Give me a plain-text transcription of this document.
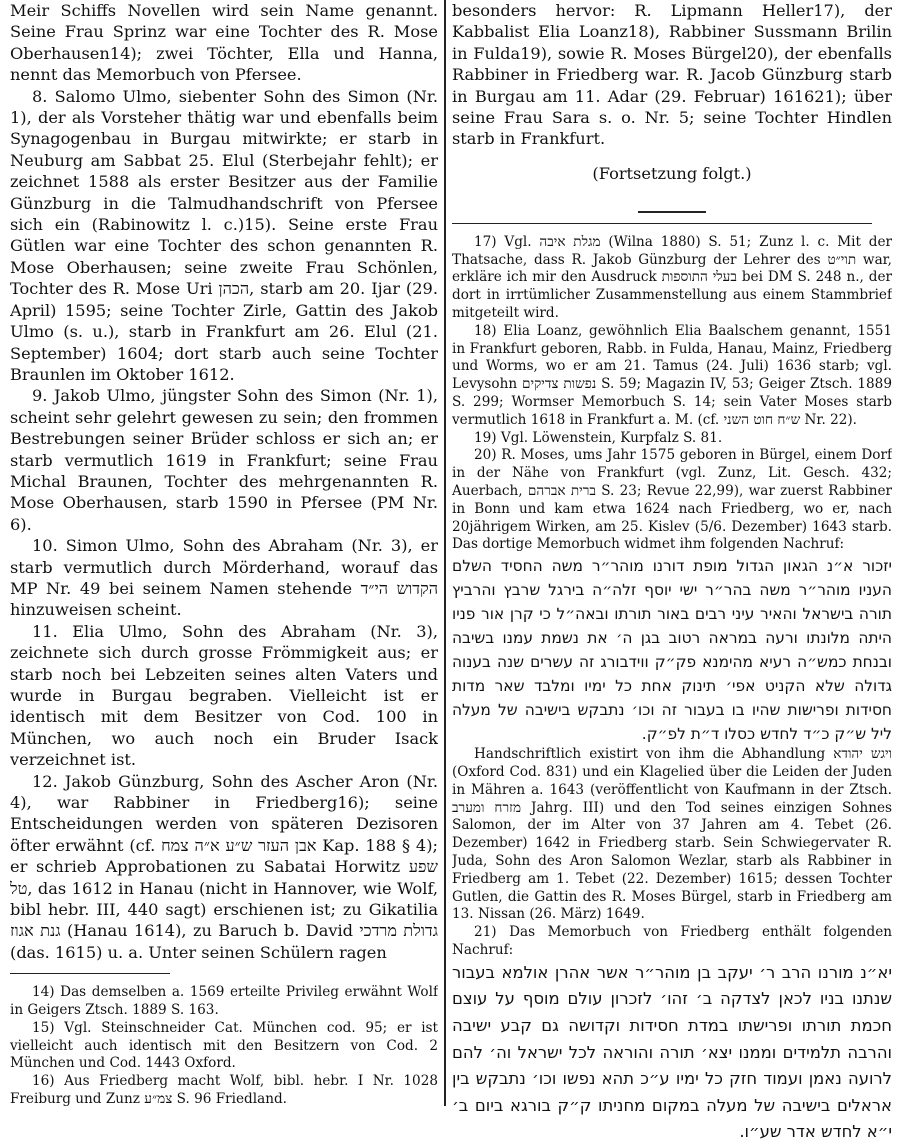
Meir Schiffs Novellen wird sein Name genannt. Seine Frau Sprinz war eine Tochter des R. Mose Oberhausen14); zwei Töchter, Ella und Hanna, nennt das Memorbuch von Pfersee.

8. Salomo Ulmo, siebenter Sohn des Simon (Nr. 1), der als Vorsteher thätig war und ebenfalls beim Synagogenbau in Burgau mitwirkte; er starb in Neuburg am Sabbat 25. Elul (Sterbejahr fehlt); er zeichnet 1588 als erster Besitzer aus der Familie Günzburg in die Talmudhandschrift von Pfersee sich ein (Rabinowitz l. c.)15). Seine erste Frau Gütlen war eine Tochter des schon genannten R. Mose Oberhausen; seine zweite Frau Schönlen, Tochter des R. Mose Uri הכהן, starb am 20. Ijar (29. April) 1595; seine Tochter Zirle, Gattin des Jakob Ulmo (s. u.), starb in Frankfurt am 26. Elul (21. September) 1604; dort starb auch seine Tochter Braunlen im Oktober 1612.

9. Jakob Ulmo, jüngster Sohn des Simon (Nr. 1), scheint sehr gelehrt gewesen zu sein; den frommen Bestrebungen seiner Brüder schloss er sich an; er starb vermutlich 1619 in Frankfurt; seine Frau Michal Braunen, Tochter des mehrgenannten R. Mose Oberhausen, starb 1590 in Pfersee (PM Nr. 6).

10. Simon Ulmo, Sohn des Abraham (Nr. 3), er starb vermutlich durch Mörderhand, worauf das MP Nr. 49 bei seinem Namen stehende הקדוש הי״ד hinzuweisen scheint.

11. Elia Ulmo, Sohn des Abraham (Nr. 3), zeichnete sich durch grosse Frömmigkeit aus; er starb noch bei Lebzeiten seines alten Vaters und wurde in Burgau begraben. Vielleicht ist er identisch mit dem Besitzer von Cod. 100 in München, wo auch noch ein Bruder Isack verzeichnet ist.

12. Jakob Günzburg, Sohn des Ascher Aron (Nr. 4), war Rabbiner in Friedberg16); seine Entscheidungen werden von späteren Dezisoren öfter erwähnt (cf. אבן העזר ש״ע א״ה צמח Kap. 188 § 4); er schrieb Approbationen zu Sabatai Horwitz שפע טל, das 1612 in Hanau (nicht in Hannover, wie Wolf, bibl hebr. III, 440 sagt) erschienen ist; zu Gikatilia גנת אגוז (Hanau 1614), zu Baruch b. David גדולת מרדכי (das. 1615) u. a. Unter seinen Schülern ragen

14) Das demselben a. 1569 erteilte Privileg erwähnt Wolf in Geigers Ztsch. 1889 S. 163.

15) Vgl. Steinschneider Cat. München cod. 95; er ist vielleicht auch identisch mit den Besitzern von Cod. 2 München und Cod. 1443 Oxford.

16) Aus Friedberg macht Wolf, bibl. hebr. I Nr. 1028 Freiburg und Zunz צמ״ע S. 96 Friedland.

besonders hervor: R. Lipmann Heller17), der Kabbalist Elia Loanz18), Rabbiner Sussmann Brilin in Fulda19), sowie R. Moses Bürgel20), der ebenfalls Rabbiner in Friedberg war. R. Jacob Günzburg starb in Burgau am 11. Adar (29. Februar) 161621); über seine Frau Sara s. o. Nr. 5; seine Tochter Hindlen starb in Frankfurt.

(Fortsetzung folgt.)

17) Vgl. מגלת איבה (Wilna 1880) S. 51; Zunz l. c. Mit der Thatsache, dass R. Jakob Günzburg der Lehrer des תוי״ט war, erkläre ich mir den Ausdruck בעלי התוספות bei DM S. 248 n., der dort in irrtümlicher Zusammenstellung aus einem Stammbrief mitgeteilt wird.

18) Elia Loanz, gewöhnlich Elia Baalschem genannt, 1551 in Frankfurt geboren, Rabb. in Fulda, Hanau, Mainz, Friedberg und Worms, wo er am 21. Tamus (24. Juli) 1636 starb; vgl. Levysohn נפשות צדיקים S. 59; Magazin IV, 53; Geiger Ztsch. 1889 S. 299; Wormser Memorbuch S. 14; sein Vater Moses starb vermutlich 1618 in Frankfurt a. M. (cf. ש״ח חוט השני Nr. 22).

19) Vgl. Löwenstein, Kurpfalz S. 81.

20) R. Moses, ums Jahr 1575 geboren in Bürgel, einem Dorf in der Nähe von Frankfurt (vgl. Zunz, Lit. Gesch. 432; Auerbach, ברית אברהם S. 23; Revue 22,99), war zuerst Rabbiner in Bonn und kam etwa 1624 nach Friedberg, wo er, nach 20jährigem Wirken, am 25. Kislev (5/6. Dezember) 1643 starb. Das dortige Memorbuch widmet ihm folgenden Nachruf:

יזכור א״נ הגאון הגדול מופת דורנו מוהר״ר משה החסיד השלם העניו מוהר״ר משה בהר״ר ישי יוסף זלה״ה בירגל שרבץ והרביץ תורה בישראל והאיר עיני רבים באור תורתו ובאה״ל כי קרן אור פניו היתה מלונתו ורעה במראה רטוב בגן ה׳ את נשמת עמנו בשיבה ובנחת כמש״ה רעיא מהימנא פק״ק ווידבורג זה עשרים שנה בענוה גדולה שלא הקניט אפי׳ תינוק אחת כל ימיו ומלבד שאר מדות חסידות ופרישות שהיו בו בעבור זה וכו׳ נתבקש בישיבה של מעלה ליל ש״ק כ״ד לחדש כסלו ד״ת לפ״ק.

Handschriftlich existirt von ihm die Abhandlung ויגש יהודא (Oxford Cod. 831) und ein Klagelied über die Leiden der Juden in Mähren a. 1643 (veröffentlicht von Kaufmann in der Ztsch. מזרח ומערב Jahrg. III) und den Tod seines einzigen Sohnes Salomon, der im Alter von 37 Jahren am 4. Tebet (26. Dezember) 1642 in Friedberg starb. Sein Schwiegervater R. Juda, Sohn des Aron Salomon Wezlar, starb als Rabbiner in Friedberg am 1. Tebet (22. Dezember) 1615; dessen Tochter Gutlen, die Gattin des R. Moses Bürgel, starb in Friedberg am 13. Nissan (26. März) 1649.

21) Das Memorbuch von Friedberg enthält folgenden Nachruf:

יא״נ מורנו הרב ר׳ יעקב בן מוהר״ר אשר אהרן אולמא בעבור שנתנו בניו לכאן לצדקה ב׳ זהו׳ לזכרון עולם מוסף על עוצם חכמת תורתו ופרישתו במדת חסידות וקדושה גם קבע ישיבה והרבה תלמידים וממנו יצא׳ תורה והוראה לכל ישראל וה׳ להם לרועה נאמן ועמוד חזק כל ימיו ע״כ תהא נפשו וכו׳ נתבקש בין אראלים בישיבה של מעלה במקום מחניתו ק״ק בורגא ביום ב׳ י״א לחדש אדר שע״ו.
